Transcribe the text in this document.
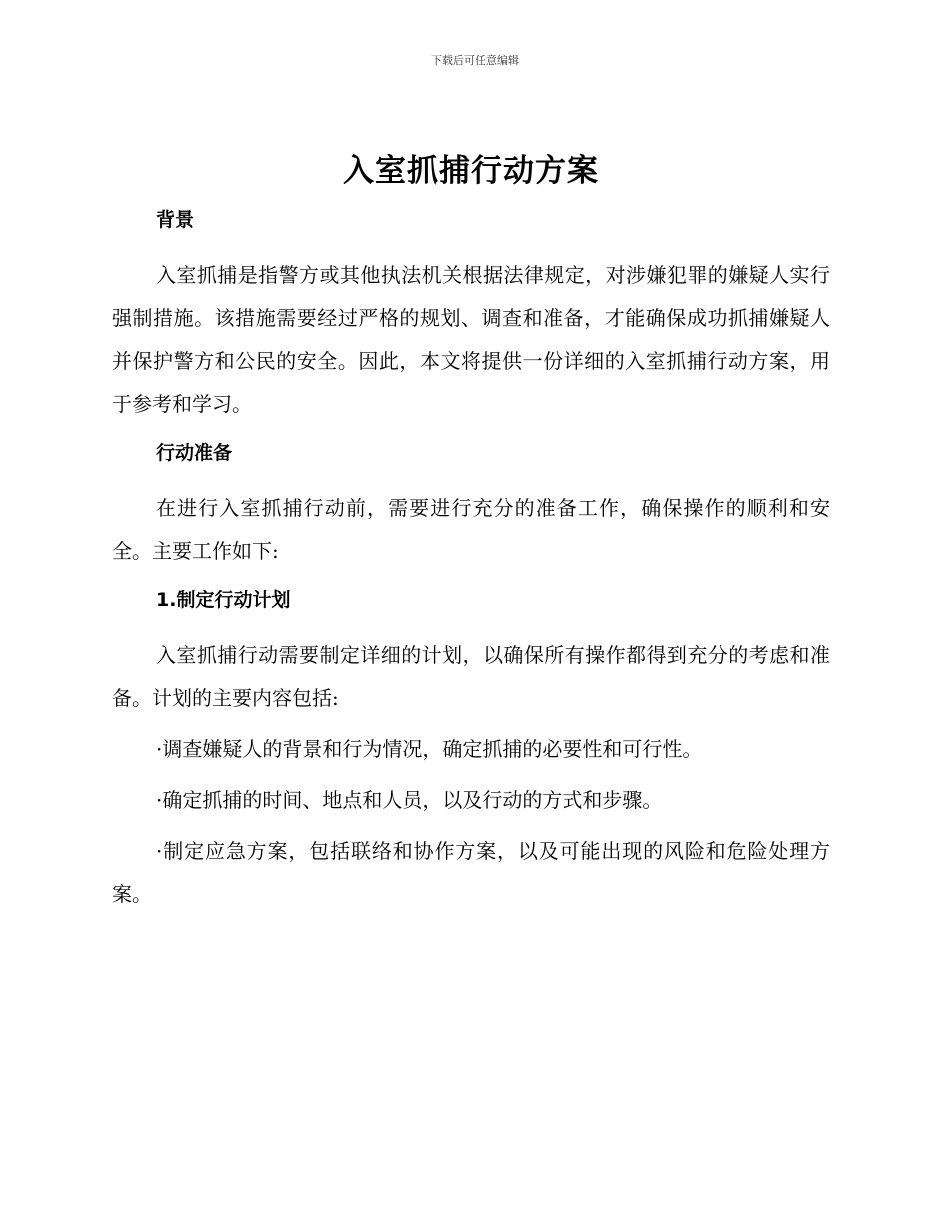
下载后可任意编辑
入室抓捕行动方案
背景

入室抓捕是指警方或其他执法机关根据法律规定，对涉嫌犯罪的嫌疑人实行强制措施。该措施需要经过严格的规划、调查和准备，才能确保成功抓捕嫌疑人并保护警方和公民的安全。因此，本文将提供一份详细的入室抓捕行动方案，用于参考和学习。

行动准备

在进行入室抓捕行动前，需要进行充分的准备工作，确保操作的顺利和安全。主要工作如下:

1.制定行动计划

入室抓捕行动需要制定详细的计划，以确保所有操作都得到充分的考虑和准备。计划的主要内容包括:

·调查嫌疑人的背景和行为情况，确定抓捕的必要性和可行性。

·确定抓捕的时间、地点和人员，以及行动的方式和步骤。

·制定应急方案，包括联络和协作方案，以及可能出现的风险和危险处理方案。
